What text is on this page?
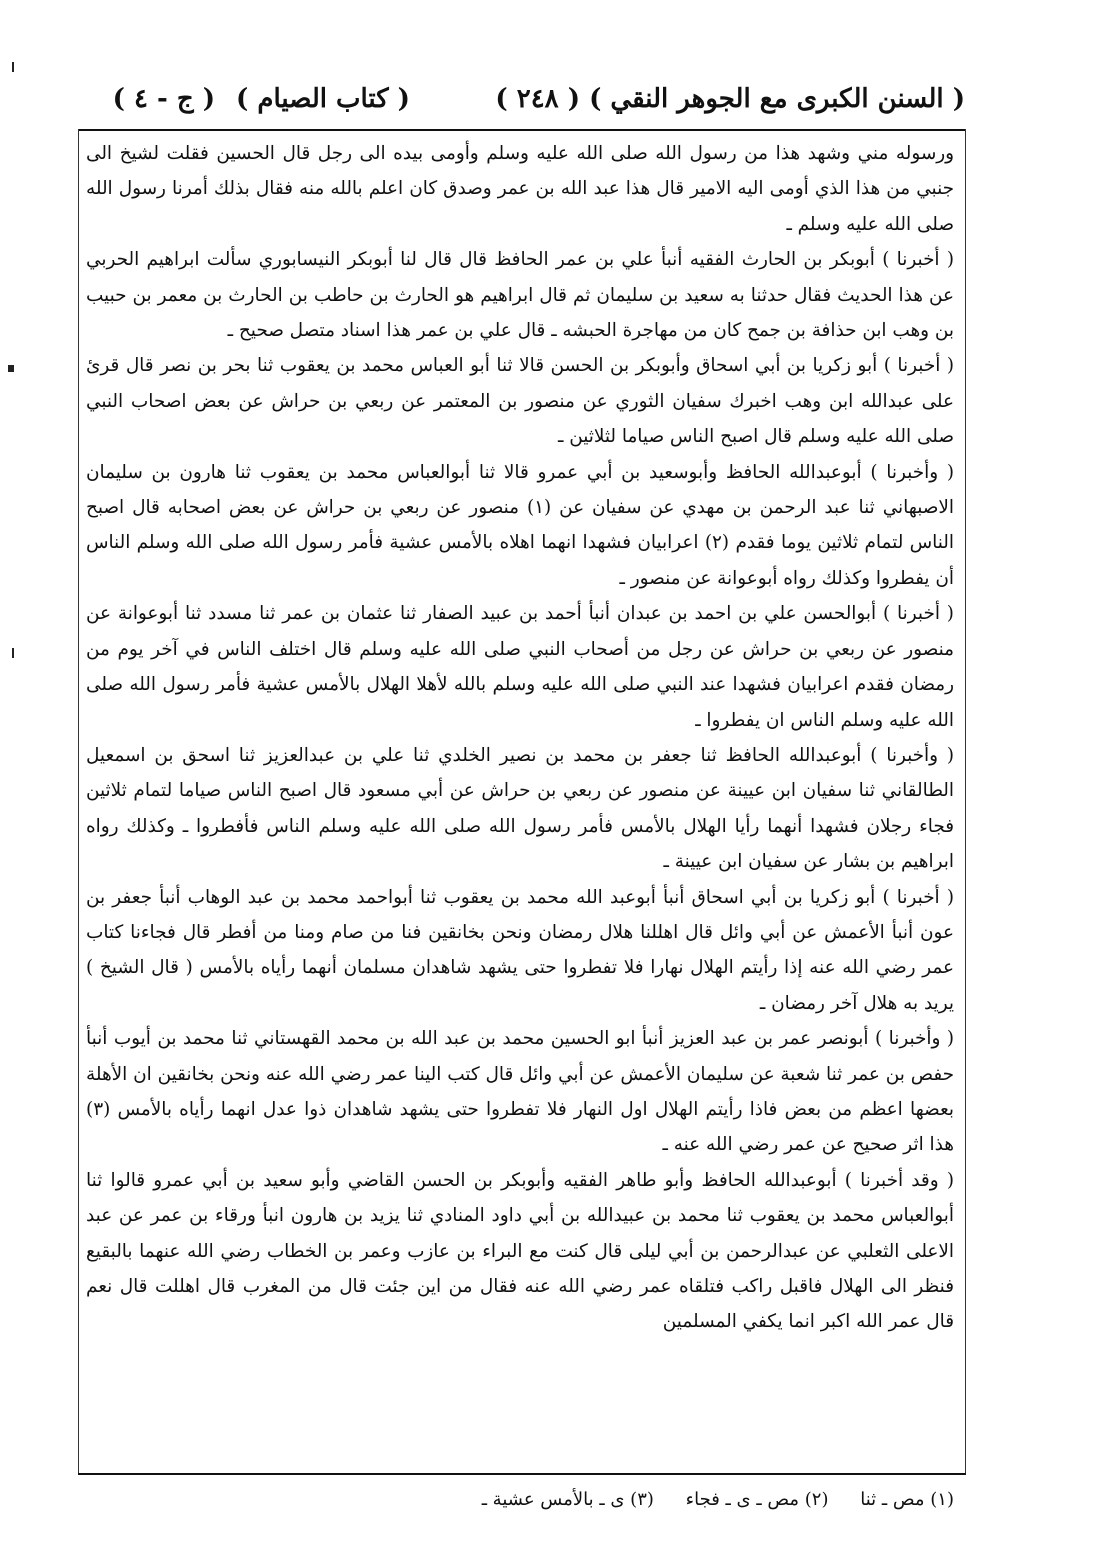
( السنن الكبرى مع الجوهر النقي )
( ٢٤٨ )
( كتاب الصيام )
( ج - ٤ )

ورسوله مني وشهد هذا من رسول الله صلى الله عليه وسلم وأومى بيده الى رجل قال الحسين فقلت لشيخ الى جنبي من هذا الذي أومى اليه الامير قال هذا عبد الله بن عمر وصدق كان اعلم بالله منه فقال بذلك أمرنا رسول الله صلى الله عليه وسلم ـ

( أخبرنا ) أبوبكر بن الحارث الفقيه أنبأ علي بن عمر الحافظ قال قال لنا أبوبكر النيسابوري سألت ابراهيم الحربي عن هذا الحديث فقال حدثنا به سعيد بن سليمان ثم قال ابراهيم هو الحارث بن حاطب بن الحارث بن معمر بن حبيب بن وهب ابن حذافة بن جمح كان من مهاجرة الحبشه ـ قال علي بن عمر هذا اسناد متصل صحيح ـ

( أخبرنا ) أبو زكريا بن أبي اسحاق وأبوبكر بن الحسن قالا ثنا أبو العباس محمد بن يعقوب ثنا بحر بن نصر قال قرئ على عبدالله ابن وهب اخبرك سفيان الثوري عن منصور بن المعتمر عن ربعي بن حراش عن بعض اصحاب النبي صلى الله عليه وسلم قال اصبح الناس صياما لثلاثين ـ

( وأخبرنا ) أبوعبدالله الحافظ وأبوسعيد بن أبي عمرو قالا ثنا أبوالعباس محمد بن يعقوب ثنا هارون بن سليمان الاصبهاني ثنا عبد الرحمن بن مهدي عن سفيان عن (١) منصور عن ربعي بن حراش عن بعض اصحابه قال اصبح الناس لتمام ثلاثين يوما فقدم (٢) اعرابيان فشهدا انهما اهلاه بالأمس عشية فأمر رسول الله صلى الله وسلم الناس أن يفطروا وكذلك رواه أبوعوانة عن منصور ـ

( أخبرنا ) أبوالحسن علي بن احمد بن عبدان أنبأ أحمد بن عبيد الصفار ثنا عثمان بن عمر ثنا مسدد ثنا أبوعوانة عن منصور عن ربعي بن حراش عن رجل من أصحاب النبي صلى الله عليه وسلم قال اختلف الناس في آخر يوم من رمضان فقدم اعرابيان فشهدا عند النبي صلى الله عليه وسلم بالله لأهلا الهلال بالأمس عشية فأمر رسول الله صلى الله عليه وسلم الناس ان يفطروا ـ

( وأخبرنا ) أبوعبدالله الحافظ ثنا جعفر بن محمد بن نصير الخلدي ثنا علي بن عبدالعزيز ثنا اسحق بن اسمعيل الطالقاني ثنا سفيان ابن عيينة عن منصور عن ربعي بن حراش عن أبي مسعود قال اصبح الناس صياما لتمام ثلاثين فجاء رجلان فشهدا أنهما رأيا الهلال بالأمس فأمر رسول الله صلى الله عليه وسلم الناس فأفطروا ـ وكذلك رواه ابراهيم بن بشار عن سفيان ابن عيينة ـ

( أخبرنا ) أبو زكريا بن أبي اسحاق أنبأ أبوعبد الله محمد بن يعقوب ثنا أبواحمد محمد بن عبد الوهاب أنبأ جعفر بن عون أنبأ الأعمش عن أبي وائل قال اهللنا هلال رمضان ونحن بخانقين فنا من صام ومنا من أفطر قال فجاءنا كتاب عمر رضي الله عنه إذا رأيتم الهلال نهارا فلا تفطروا حتى يشهد شاهدان مسلمان أنهما رأياه بالأمس ( قال الشيخ ) يريد به هلال آخر رمضان ـ

( وأخبرنا ) أبونصر عمر بن عبد العزيز أنبأ ابو الحسين محمد بن عبد الله بن محمد القهستاني ثنا محمد بن أيوب أنبأ حفص بن عمر ثنا شعبة عن سليمان الأعمش عن أبي وائل قال كتب الينا عمر رضي الله عنه ونحن بخانقين ان الأهلة بعضها اعظم من بعض فاذا رأيتم الهلال اول النهار فلا تفطروا حتى يشهد شاهدان ذوا عدل انهما رأياه بالأمس (٣) هذا اثر صحيح عن عمر رضي الله عنه ـ

( وقد أخبرنا ) أبوعبدالله الحافظ وأبو طاهر الفقيه وأبوبكر بن الحسن القاضي وأبو سعيد بن أبي عمرو قالوا ثنا أبوالعباس محمد بن يعقوب ثنا محمد بن عبيدالله بن أبي داود المنادي ثنا يزيد بن هارون انبأ ورقاء بن عمر عن عبد الاعلى الثعلبي عن عبدالرحمن بن أبي ليلى قال كنت مع البراء بن عازب وعمر بن الخطاب رضي الله عنهما بالبقيع فنظر الى الهلال فاقبل راكب فتلقاه عمر رضي الله عنه فقال من اين جئت قال من المغرب قال اهللت قال نعم قال عمر الله اكبر انما يكفي المسلمين

(١) مص ـ ثنا (٢) مص ـ ى ـ فجاء (٣) ى ـ بالأمس عشية ـ
